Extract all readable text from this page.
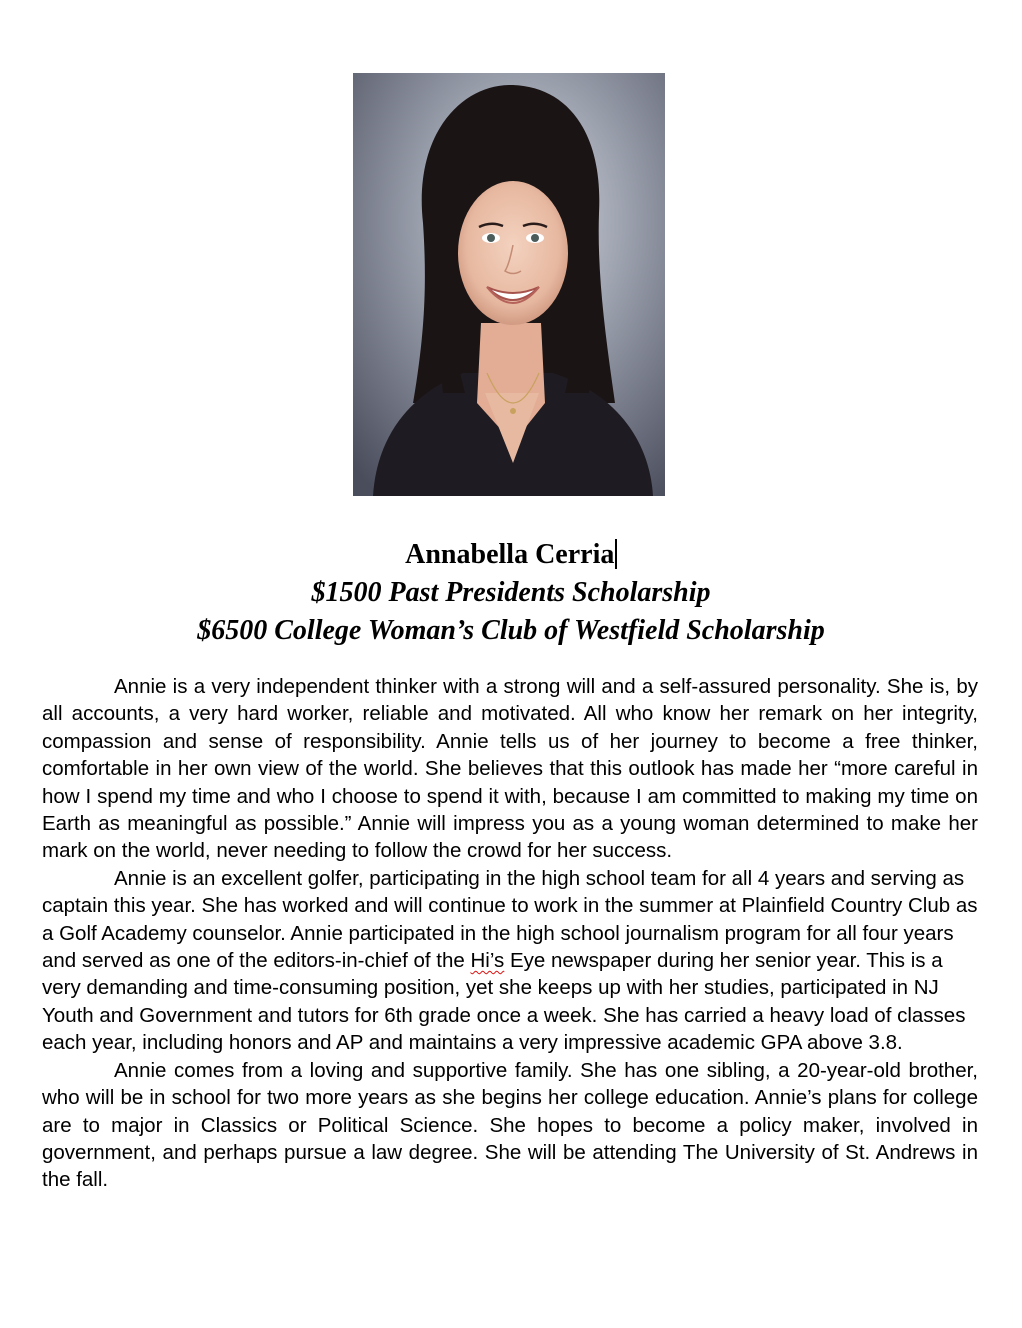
Annabella Cerria
$1500 Past Presidents Scholarship
$6500 College Woman’s Club of Westfield Scholarship

Annie is a very independent thinker with a strong will and a self-assured personality. She is, by all accounts, a very hard worker, reliable and motivated. All who know her remark on her integrity, compassion and sense of responsibility. Annie tells us of her journey to become a free thinker, comfortable in her own view of the world. She believes that this outlook has made her “more careful in how I spend my time and who I choose to spend it with, because I am committed to making my time on Earth as meaningful as possible.” Annie will impress you as a young woman determined to make her mark on the world, never needing to follow the crowd for her success.

Annie is an excellent golfer, participating in the high school team for all 4 years and serving as captain this year. She has worked and will continue to work in the summer at Plainfield Country Club as a Golf Academy counselor. Annie participated in the high school journalism program for all four years and served as one of the editors-in-chief of the Hi’s Eye newspaper during her senior year. This is a very demanding and time-consuming position, yet she keeps up with her studies, participated in NJ Youth and Government and tutors for 6th grade once a week. She has carried a heavy load of classes each year, including honors and AP and maintains a very impressive academic GPA above 3.8.

Annie comes from a loving and supportive family. She has one sibling, a 20-year-old brother, who will be in school for two more years as she begins her college education. Annie’s plans for college are to major in Classics or Political Science. She hopes to become a policy maker, involved in government, and perhaps pursue a law degree. She will be attending The University of St. Andrews in the fall.
